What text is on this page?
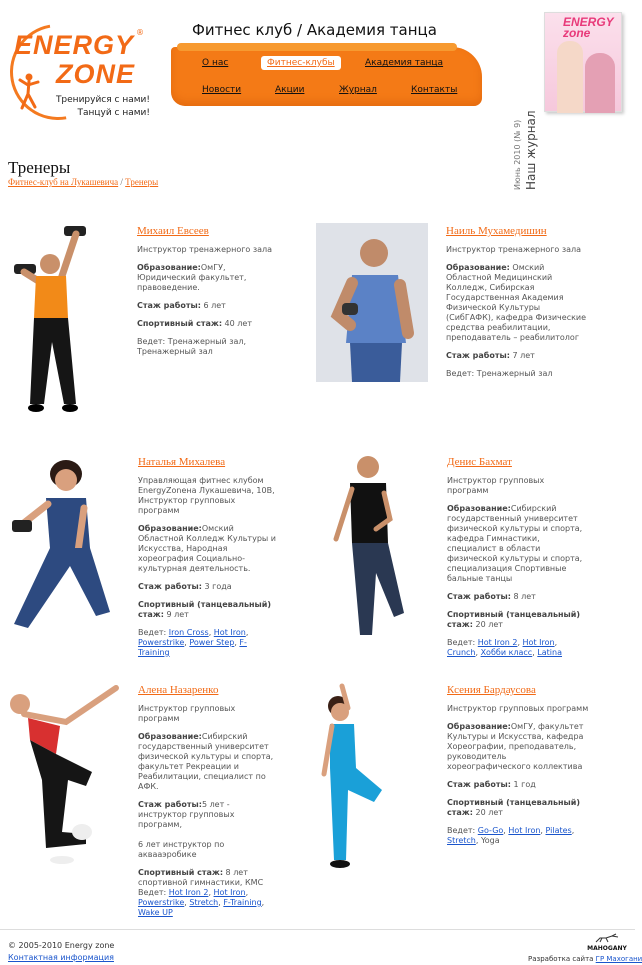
ENERGY
ZONE
®
Тренируйся с нами!
Танцуй с нами!
Фитнес клуб / Академия танца
О нас	Фитнес-клубы	Академия танца
Новости	Акции	Журнал	Контакты
Июнь 2010 (№ 9) Наш журнал
ENERGY zone
Тренеры
Фитнес-клуб на Лукашевича / Тренеры
Михаил Евсеев

Инструктор тренажерного зала

Образование:ОмГУ, Юридический факультет, правоведение.

Стаж работы: 6 лет

Спортивный стаж: 40 лет

Ведет: Тренажерный зал, Тренажерный зал

Наиль Мухамедишин

Инструктор тренажерного зала

Образование: Омский Областной Медицинский Колледж, Сибирская Государственная Академия Физической Культуры (СибГАФК), кафедра Физические средства реабилитации, преподаватель – реабилитолог

Стаж работы: 7 лет

Ведет: Тренажерный зал

Наталья Михалева

Управляющая фитнес клубом EnergyZoneна Лукашевича, 10В, Инструктор групповых программ

Образование:Омский Областной Колледж Культуры и Искусства, Народная хореография Социально-культурная деятельность.

Стаж работы: 3 года

Спортивный (танцевальный) стаж: 9 лет

Ведет: Iron Cross, Hot Iron, Powerstrike, Power Step, F-Training

Денис Бахмат

Инструктор групповых программ

Образование:Сибирский государственный университет физической культуры и спорта, кафедра Гимнастики, специалист в области физической культуры и спорта, специализация Спортивные бальные танцы

Стаж работы: 8 лет

Спортивный (танцевальный) стаж: 20 лет

Ведет: Hot Iron 2, Hot Iron, Crunch, Хобби класс, Latina

Алена Назаренко

Инструктор групповых программ

Образование:Сибирский государственный университет физической культуры и спорта, факультет Рекреации и Реабилитации, специалист по АФК.

Стаж работы:5 лет - инструктор групповых программ,

6 лет инструктор по аквааэробике

Спортивный стаж: 8 лет спортивной гимнастики, КМС

Ведет: Hot Iron 2, Hot Iron, Powerstrike, Stretch, F-Training, Wake UP

Ксения Бардаусова

Инструктор групповых программ

Образование:ОмГУ, факультет Культуры и Искусства, кафедра Хореографии, преподаватель, руководитель хореографического коллектива

Стаж работы: 1 год

Спортивный (танцевальный) стаж: 20 лет

Ведет: Go-Go, Hot Iron, Pilates,
Stretch, Yoga

© 2005-2010 Energy zone
Контактная информация
MAHOGANY
Разработка сайта ГР Махогани
